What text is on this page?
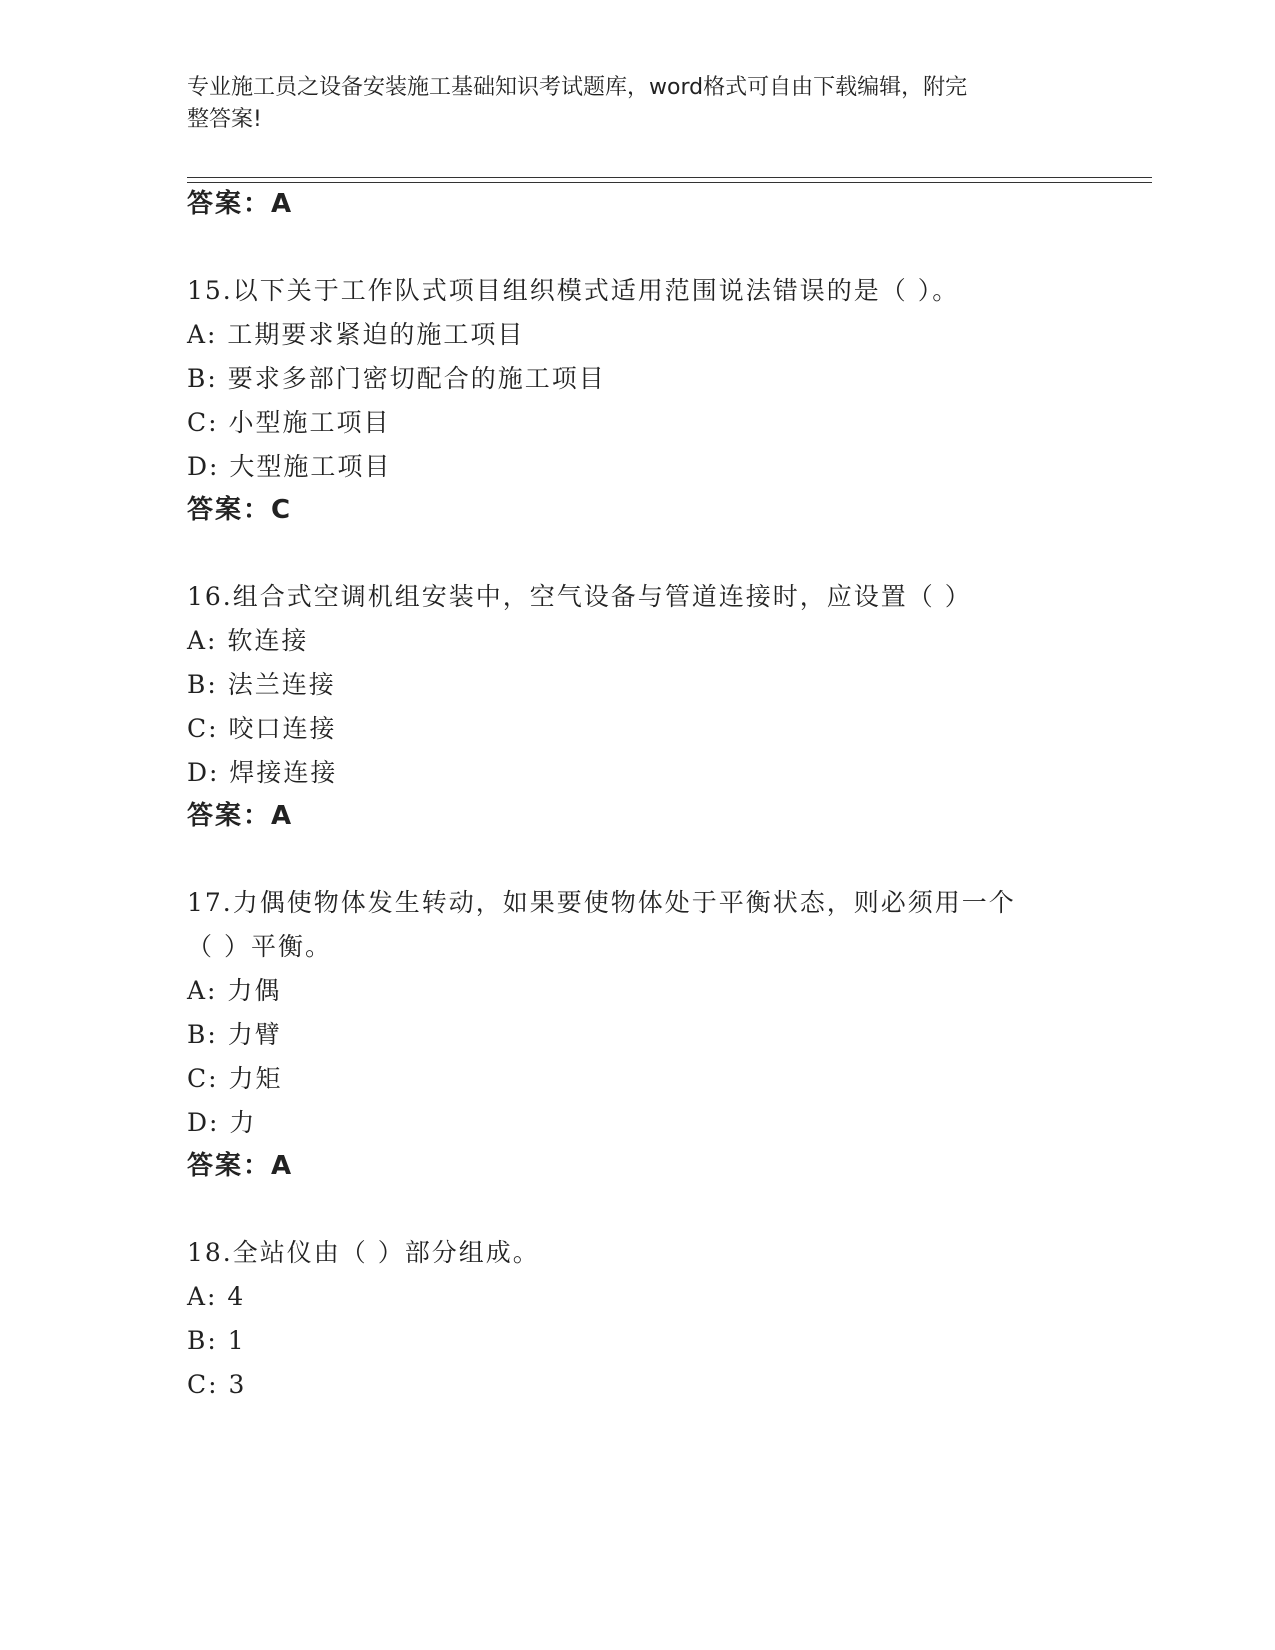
专业施工员之设备安装施工基础知识考试题库，word格式可自由下载编辑，附完
整答案!
答案：A
15.以下关于工作队式项目组织模式适用范围说法错误的是（ ）。
A: 工期要求紧迫的施工项目
B: 要求多部门密切配合的施工项目
C: 小型施工项目
D: 大型施工项目
答案：C
16.组合式空调机组安装中，空气设备与管道连接时，应设置（ ）
A: 软连接
B: 法兰连接
C: 咬口连接
D: 焊接连接
答案：A
17.力偶使物体发生转动，如果要使物体处于平衡状态，则必须用一个
（ ）平衡。
A: 力偶
B: 力臂
C: 力矩
D: 力
答案：A
18.全站仪由（ ）部分组成。
A: 4
B: 1
C: 3
